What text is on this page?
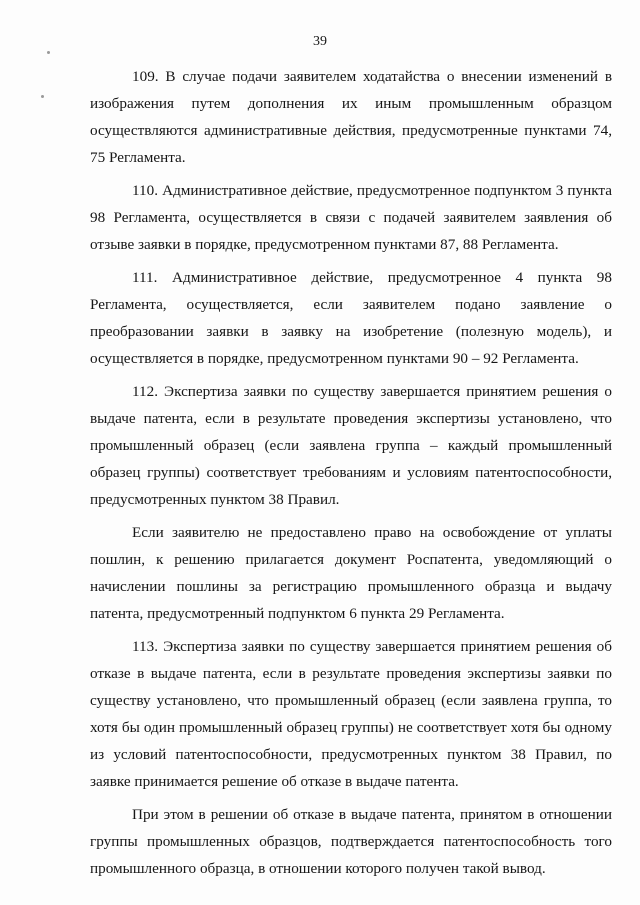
39

109. В случае подачи заявителем ходатайства о внесении изменений в изображения путем дополнения их иным промышленным образцом осуществляются административные действия, предусмотренные пунктами 74, 75 Регламента.

110. Административное действие, предусмотренное подпунктом 3 пункта 98 Регламента, осуществляется в связи с подачей заявителем заявления об отзыве заявки в порядке, предусмотренном пунктами 87, 88 Регламента.

111. Административное действие, предусмотренное 4 пункта 98 Регламента, осуществляется, если заявителем подано заявление о преобразовании заявки в заявку на изобретение (полезную модель), и осуществляется в порядке, предусмотренном пунктами 90 – 92 Регламента.

112. Экспертиза заявки по существу завершается принятием решения о выдаче патента, если в результате проведения экспертизы установлено, что промышленный образец (если заявлена группа – каждый промышленный образец группы) соответствует требованиям и условиям патентоспособности, предусмотренных пунктом 38 Правил.

Если заявителю не предоставлено право на освобождение от уплаты пошлин, к решению прилагается документ Роспатента, уведомляющий о начислении пошлины за регистрацию промышленного образца и выдачу патента, предусмотренный подпунктом 6 пункта 29 Регламента.

113. Экспертиза заявки по существу завершается принятием решения об отказе в выдаче патента, если в результате проведения экспертизы заявки по существу установлено, что промышленный образец (если заявлена группа, то хотя бы один промышленный образец группы) не соответствует хотя бы одному из условий патентоспособности, предусмотренных пунктом 38 Правил, по заявке принимается решение об отказе в выдаче патента.

При этом в решении об отказе в выдаче патента, принятом в отношении группы промышленных образцов, подтверждается патентоспособность того промышленного образца, в отношении которого получен такой вывод.
